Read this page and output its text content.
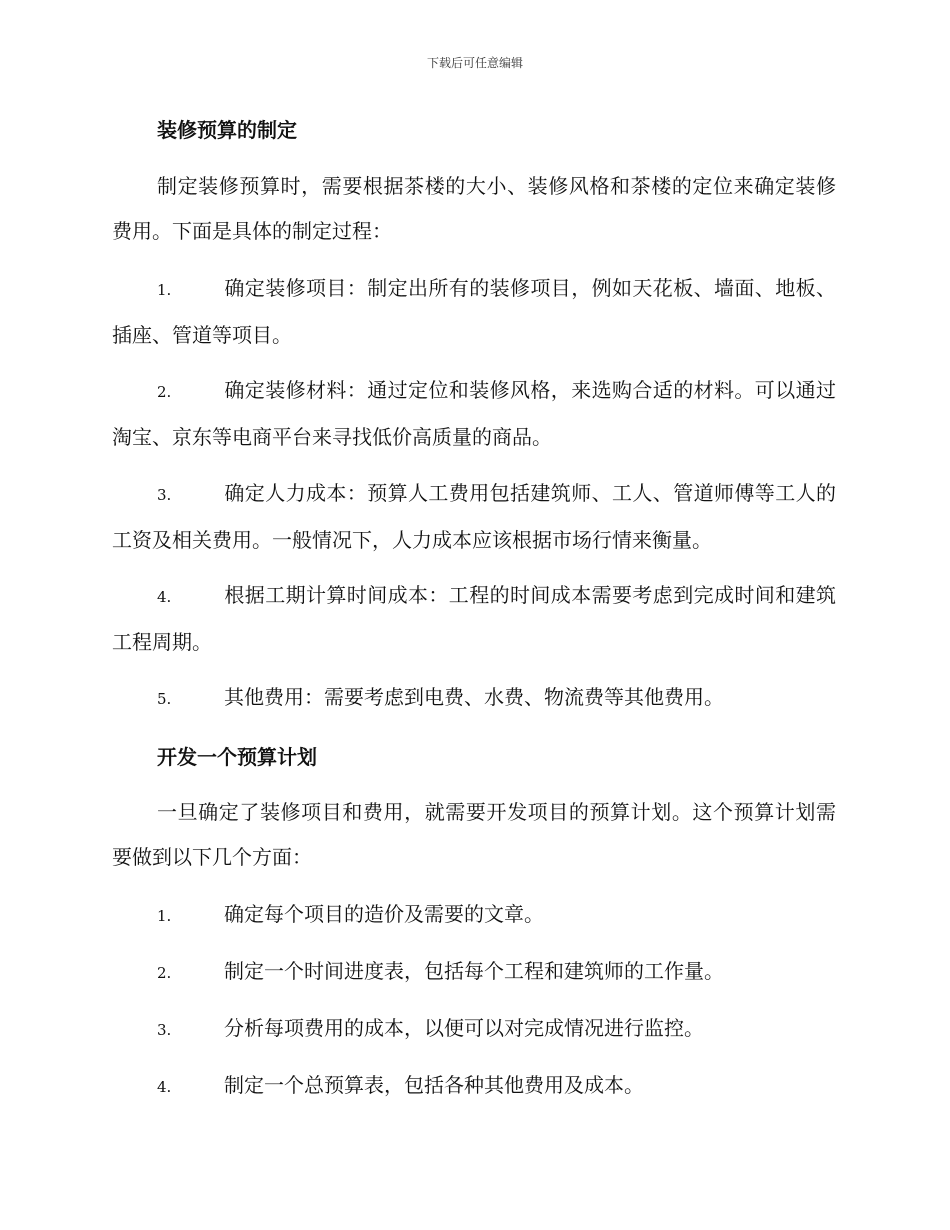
下载后可任意编辑
装修预算的制定

制定装修预算时，需要根据茶楼的大小、装修风格和茶楼的定位来确定装修费用。下面是具体的制定过程：

1.	确定装修项目：制定出所有的装修项目，例如天花板、墙面、地板、插座、管道等项目。

2.	确定装修材料：通过定位和装修风格，来选购合适的材料。可以通过淘宝、京东等电商平台来寻找低价高质量的商品。

3.	确定人力成本：预算人工费用包括建筑师、工人、管道师傅等工人的工资及相关费用。一般情况下，人力成本应该根据市场行情来衡量。

4.	根据工期计算时间成本：工程的时间成本需要考虑到完成时间和建筑工程周期。

5.	其他费用：需要考虑到电费、水费、物流费等其他费用。

开发一个预算计划

一旦确定了装修项目和费用，就需要开发项目的预算计划。这个预算计划需要做到以下几个方面：

1.	确定每个项目的造价及需要的文章。

2.	制定一个时间进度表，包括每个工程和建筑师的工作量。

3.	分析每项费用的成本，以便可以对完成情况进行监控。

4.	制定一个总预算表，包括各种其他费用及成本。
